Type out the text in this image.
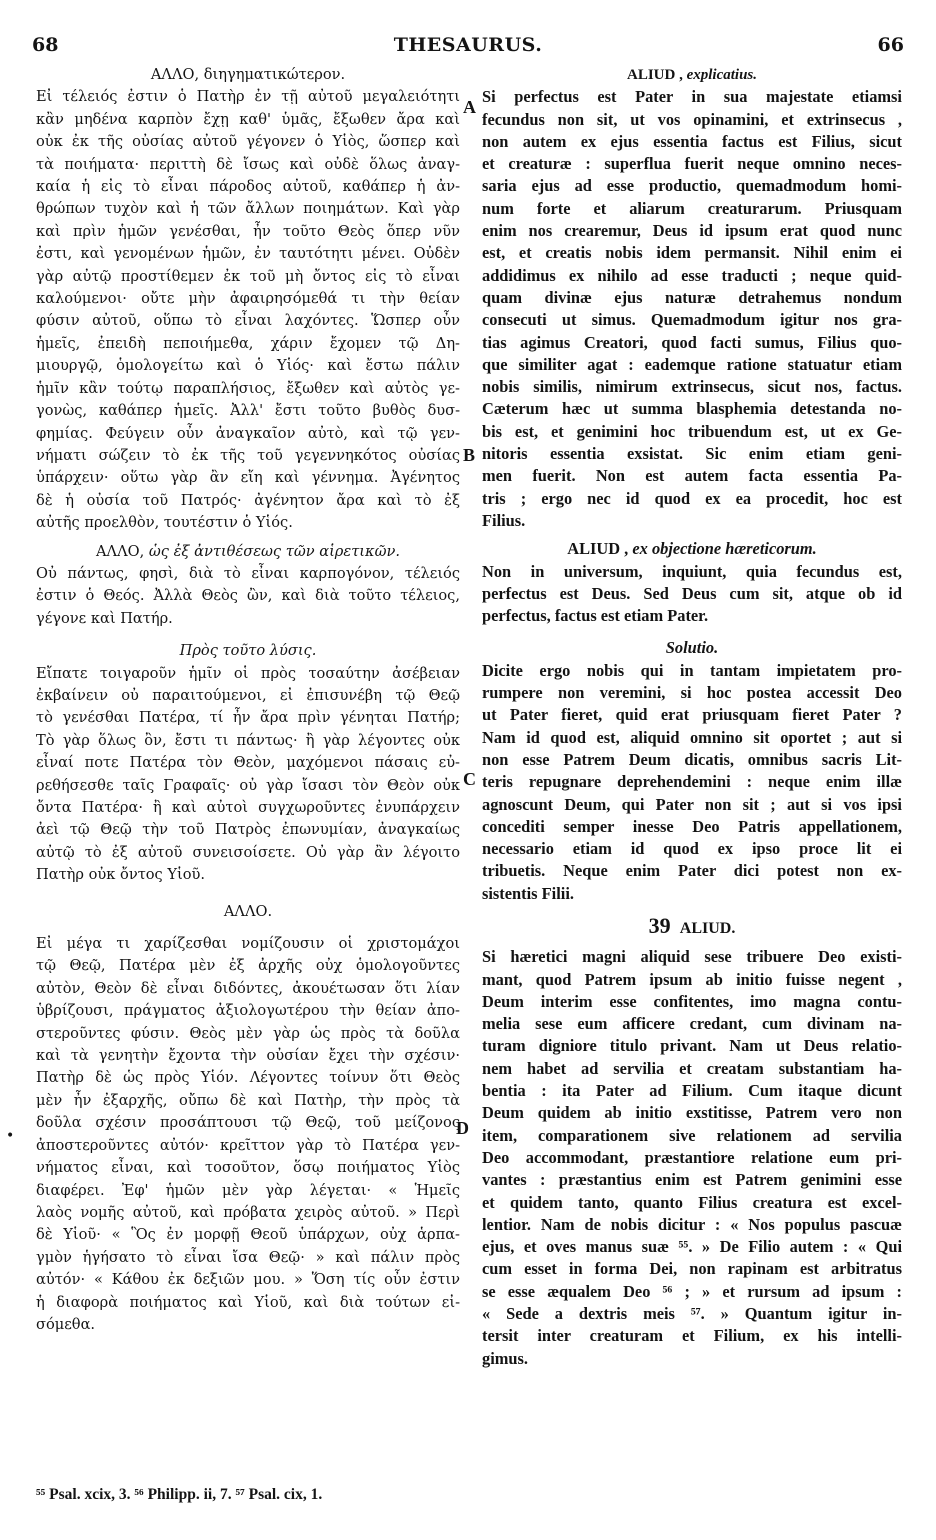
68	THESAURUS.	66
A
B
C
D
•
ΑΛΛΟ, διηγηματικώτερον.
Εἰ τέλειός ἐστιν ὁ Πατὴρ ἐν τῇ αὐτοῦ μεγαλειότητι
κἂν μηδένα καρπὸν ἔχῃ καθ' ὑμᾶς, ἔξωθεν ἄρα καὶ
οὐκ ἐκ τῆς οὐσίας αὐτοῦ γέγονεν ὁ Υἱὸς, ὥσπερ καὶ
τὰ ποιήματα· περιττὴ δὲ ἴσως καὶ οὐδὲ ὅλως ἀναγ-
καία ἡ εἰς τὸ εἶναι πάροδος αὐτοῦ, καθάπερ ἡ ἀν-
θρώπων τυχὸν καὶ ἡ τῶν ἄλλων ποιημάτων. Καὶ γὰρ
καὶ πρὶν ἡμῶν γενέσθαι, ἦν τοῦτο Θεὸς ὅπερ νῦν
ἐστι, καὶ γενομένων ἡμῶν, ἐν ταυτότητι μένει. Οὐδὲν
γὰρ αὐτῷ προστίθεμεν ἐκ τοῦ μὴ ὄντος εἰς τὸ εἶναι
καλούμενοι· οὔτε μὴν ἀφαιρησόμεθά τι τὴν θείαν
φύσιν αὐτοῦ, οὕπω τὸ εἶναι λαχόντες. Ὥσπερ οὖν
ἡμεῖς, ἐπειδὴ πεποιήμεθα, χάριν ἔχομεν τῷ Δη-
μιουργῷ, ὁμολογείτω καὶ ὁ Υἱός· καὶ ἔστω πάλιν
ἡμῖν κἂν τούτῳ παραπλήσιος, ἔξωθεν καὶ αὐτὸς γε-
γονὼς, καθάπερ ἡμεῖς. Ἀλλ' ἔστι τοῦτο βυθὸς δυσ-
φημίας. Φεύγειν οὖν ἀναγκαῖον αὐτὸ, καὶ τῷ γεν-
νήματι σώζειν τὸ ἐκ τῆς τοῦ γεγεννηκότος οὐσίας
ὑπάρχειν· οὕτω γὰρ ἂν εἴη καὶ γέννημα. Ἀγένητος
δὲ ἡ οὐσία τοῦ Πατρός· ἀγένητον ἄρα καὶ τὸ ἐξ
αὐτῆς προελθὸν, τουτέστιν ὁ Υἱός.
ΑΛΛΟ, ὡς ἐξ ἀντιθέσεως τῶν αἱρετικῶν.
Οὐ πάντως, φησὶ, διὰ τὸ εἶναι καρπογόνον, τέλειός
ἐστιν ὁ Θεός. Ἀλλὰ Θεὸς ὢν, καὶ διὰ τοῦτο τέλειος,
γέγονε καὶ Πατήρ.
Πρὸς τοῦτο λύσις.
Εἴπατε τοιγαροῦν ἡμῖν οἱ πρὸς τοσαύτην ἀσέβειαν
ἐκβαίνειν οὐ παραιτούμενοι, εἰ ἐπισυνέβη τῷ Θεῷ
τὸ γενέσθαι Πατέρα, τί ἦν ἄρα πρὶν γένηται Πατήρ;
Τὸ γὰρ ὅλως ὂν, ἔστι τι πάντως· ἢ γὰρ λέγοντες οὐκ
εἶναί ποτε Πατέρα τὸν Θεὸν, μαχόμενοι πάσαις εὐ-
ρεθήσεσθε ταῖς Γραφαῖς· οὐ γὰρ ἴσασι τὸν Θεὸν οὐκ
ὄντα Πατέρα· ἢ καὶ αὐτοὶ συγχωροῦντες ἐνυπάρχειν
ἀεὶ τῷ Θεῷ τὴν τοῦ Πατρὸς ἐπωνυμίαν, ἀναγκαίως
αὐτῷ τὸ ἐξ αὐτοῦ συνεισοίσετε. Οὐ γὰρ ἂν λέγοιτο
Πατὴρ οὐκ ὄντος Υἱοῦ.
ΑΛΛΟ.
Εἰ μέγα τι χαρίζεσθαι νομίζουσιν οἱ χριστομάχοι
τῷ Θεῷ, Πατέρα μὲν ἐξ ἀρχῆς οὐχ ὁμολογοῦντες
αὐτὸν, Θεὸν δὲ εἶναι διδόντες, ἀκουέτωσαν ὅτι λίαν
ὑβρίζουσι, πράγματος ἀξιολογωτέρου τὴν θείαν ἀπο-
στεροῦντες φύσιν. Θεὸς μὲν γὰρ ὡς πρὸς τὰ δοῦλα
καὶ τὰ γενητὴν ἔχοντα τὴν οὐσίαν ἔχει τὴν σχέσιν·
Πατὴρ δὲ ὡς πρὸς Υἱόν. Λέγοντες τοίνυν ὅτι Θεὸς
μὲν ἦν ἐξαρχῆς, οὔπω δὲ καὶ Πατὴρ, τὴν πρὸς τὰ
δοῦλα σχέσιν προσάπτουσι τῷ Θεῷ, τοῦ μείζονος
ἀποστεροῦντες αὐτόν· κρεῖττον γὰρ τὸ Πατέρα γεν-
νήματος εἶναι, καὶ τοσοῦτον, ὅσῳ ποιήματος Υἱὸς
διαφέρει. Ἐφ' ἡμῶν μὲν γὰρ λέγεται· « Ἡμεῖς
λαὸς νομῆς αὐτοῦ, καὶ πρόβατα χειρὸς αὐτοῦ. » Περὶ
δὲ Υἱοῦ· « Ὃς ἐν μορφῇ Θεοῦ ὑπάρχων, οὐχ ἁρπα-
γμὸν ἡγήσατο τὸ εἶναι ἴσα Θεῷ· » καὶ πάλιν πρὸς
αὐτόν· « Κάθου ἐκ δεξιῶν μου. » Ὅση τίς οὖν ἐστιν
ἡ διαφορὰ ποιήματος καὶ Υἱοῦ, καὶ διὰ τούτων εἰ-
σόμεθα.
ALIUD , explicatius.
Si perfectus est Pater in sua majestate etiamsi
fecundus non sit, ut vos opinamini, et extrinsecus ,
non autem ex ejus essentia factus est Filius, sicut
et creaturæ : superflua fuerit neque omnino neces-
saria ejus ad esse productio, quemadmodum homi-
num forte et aliarum creaturarum. Priusquam
enim nos crearemur, Deus id ipsum erat quod nunc
est, et creatis nobis idem permansit. Nihil enim ei
addidimus ex nihilo ad esse traducti ; neque quid-
quam divinæ ejus naturæ detrahemus nondum
consecuti ut simus. Quemadmodum igitur nos gra-
tias agimus Creatori, quod facti sumus, Filius quo-
que similiter agat : eademque ratione statuatur etiam
nobis similis, nimirum extrinsecus, sicut nos, factus.
Cæterum hæc ut summa blasphemia detestanda no-
bis est, et genimini hoc tribuendum est, ut ex Ge-
nitoris essentia exsistat. Sic enim etiam geni-
men fuerit. Non est autem facta essentia Pa-
tris ; ergo nec id quod ex ea procedit, hoc est
Filius.
ALIUD , ex objectione hæreticorum.
Non in universum, inquiunt, quia fecundus est,
perfectus est Deus. Sed Deus cum sit, atque ob id
perfectus, factus est etiam Pater.
Solutio.
Dicite ergo nobis qui in tantam impietatem pro-
rumpere non veremini, si hoc postea accessit Deo
ut Pater fieret, quid erat priusquam fieret Pater ?
Nam id quod est, aliquid omnino sit oportet ; aut si
non esse Patrem Deum dicatis, omnibus sacris Lit-
teris repugnare deprehendemini : neque enim illæ
agnoscunt Deum, qui Pater non sit ; aut si vos ipsi
concediti semper inesse Deo Patris appellationem,
necessario etiam id quod ex ipso proce lit ei
tribuetis. Neque enim Pater dici potest non ex-
sistentis Filii.
39 ALIUD.
Si hæretici magni aliquid sese tribuere Deo existi-
mant, quod Patrem ipsum ab initio fuisse negent ,
Deum interim esse confitentes, imo magna contu-
melia sese eum afficere credant, cum divinam na-
turam digniore titulo privant. Nam ut Deus relatio-
nem habet ad servilia et creatam substantiam ha-
bentia : ita Pater ad Filium. Cum itaque dicunt
Deum quidem ab initio exstitisse, Patrem vero non
item, comparationem sive relationem ad servilia
Deo accommodant, præstantiore relatione eum pri-
vantes : præstantius enim est Patrem genimini esse
et quidem tanto, quanto Filius creatura est excel-
lentior. Nam de nobis dicitur : « Nos populus pascuæ
ejus, et oves manus suæ ⁵⁵. » De Filio autem : « Qui
cum esset in forma Dei, non rapinam est arbitratus
se esse æqualem Deo ⁵⁶ ; » et rursum ad ipsum :
« Sede a dextris meis ⁵⁷. » Quantum igitur in-
tersit inter creaturam et Filium, ex his intelli-
gimus.
⁵⁵ Psal. xcix, 3. ⁵⁶ Philipp. ii, 7. ⁵⁷ Psal. cix, 1.
